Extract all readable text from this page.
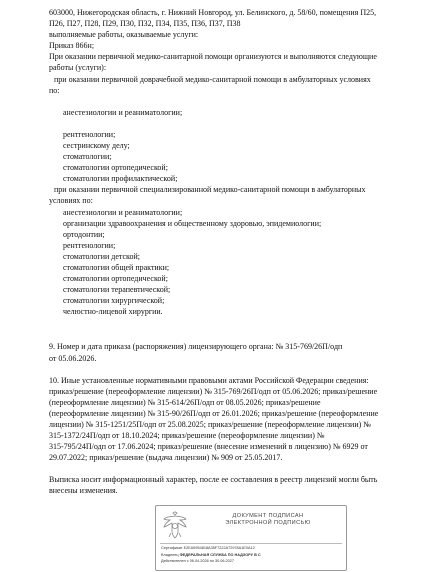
603000, Нижегородская область, г. Нижний Новгород, ул. Белинского, д. 58/60, помещения П25,

П26, П27, П28, П29, П30, П32, П34, П35, П36, П37, П38

выполняемые работы, оказываемые услуги:

Приказ 866н;

При оказании первичной медико-санитарной помощи организуются и выполняются следующие

работы (услуги):

при оказании первичной доврачебной медико-санитарной помощи в амбулаторных условиях

по:

анестезиологии и реаниматологии;

рентгенологии;

сестринскому делу;

стоматологии;

стоматологии ортопедической;

стоматологии профилактической;

при оказании первичной специализированной медико-санитарной помощи в амбулаторных

условиях по:

анестезиологии и реаниматологии;

организации здравоохранения и общественному здоровью, эпидемиологии;

ортодонтии;

рентгенологии;

стоматологии детской;

стоматологии общей практики;

стоматологии ортопедической;

стоматологии терапевтической;

стоматологии хирургической;

челюстно-лицевой хирургии.

9. Номер и дата приказа (распоряжения) лицензирующего органа: № 315-769/26П/одп

от 05.06.2026.

10. Иные установленные нормативными правовыми актами Российской Федерации сведения:

приказ/решение (переоформление лицензии) № 315-769/26П/одп от 05.06.2026; приказ/решение

(переоформление лицензии) № 315-614/26П/одп от 08.05.2026; приказ/решение

(переоформление лицензии) № 315-90/26П/одп от 26.01.2026; приказ/решение (переоформление

лицензии) № 315-1251/25П/одп от 25.08.2025; приказ/решение (переоформление лицензии) №

315-1372/24П/одп от 18.10.2024; приказ/решение (переоформление лицензии) №

315-795/24П/одп от 17.06.2024; приказ/решение (внесение изменений в лицензию) № 6929 от

29.07.2022; приказ/решение (выдача лицензии) № 909 от 25.05.2017.

Выписка носит информационный характер, после ее составления в реестр лицензий могли быть

внесены изменения.

ДОКУМЕНТ ПОДПИСАН
ЭЛЕКТРОННОЙ ПОДПИСЬЮ
Сертификат E2EA5954818A35F7222A72978A1E0A12
Владелец ФЕДЕРАЛЬНАЯ СЛУЖБА ПО НАДЗОРУ В С
Действителен с 06.04.2026 по 30.06.2027
